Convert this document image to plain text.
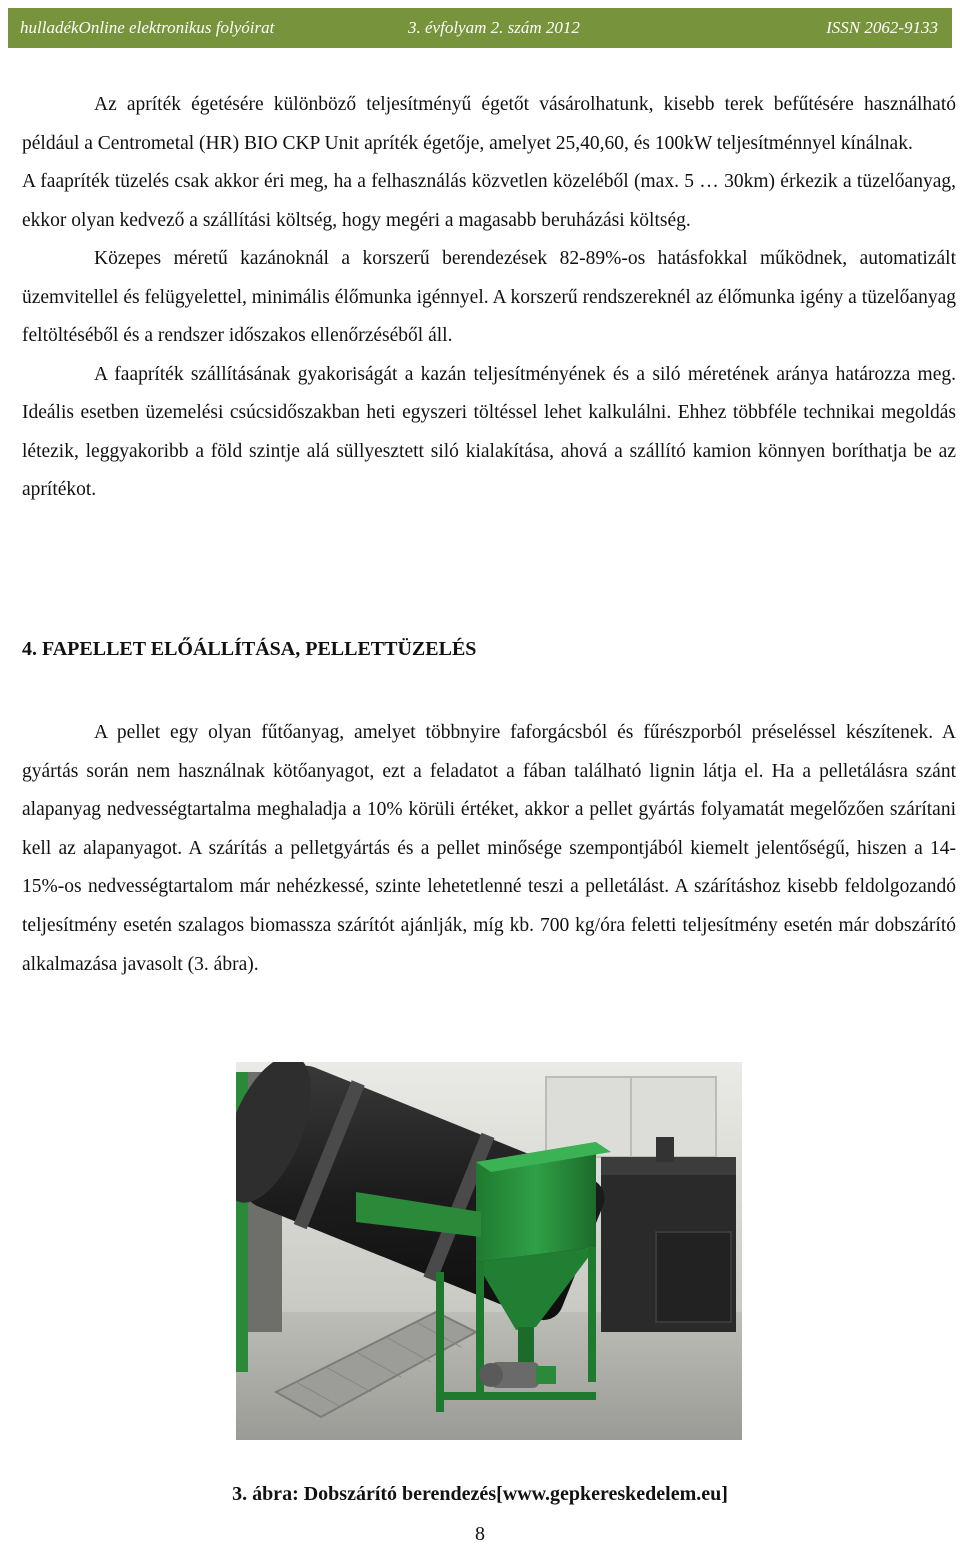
hulladékOnline elektronikus folyóirat	3. évfolyam 2. szám 2012	ISSN 2062-9133

Az apríték égetésére különböző teljesítményű égetőt vásárolhatunk, kisebb terek befűtésére használható például a Centrometal (HR) BIO CKP Unit apríték égetője, amelyet 25,40,60, és 100kW teljesítménnyel kínálnak.

A faapríték tüzelés csak akkor éri meg, ha a felhasználás közvetlen közeléből (max. 5 … 30km) érkezik a tüzelőanyag, ekkor olyan kedvező a szállítási költség, hogy megéri a magasabb beruházási költség.

Közepes méretű kazánoknál a korszerű berendezések 82-89%-os hatásfokkal működnek, automatizált üzemvitellel és felügyelettel, minimális élőmunka igénnyel. A korszerű rendszereknél az élőmunka igény a tüzelőanyag feltöltéséből és a rendszer időszakos ellenőrzéséből áll.

A faapríték szállításának gyakoriságát a kazán teljesítményének és a siló méretének aránya határozza meg. Ideális esetben üzemelési csúcsidőszakban heti egyszeri töltéssel lehet kalkulálni. Ehhez többféle technikai megoldás létezik, leggyakoribb a föld szintje alá süllyesztett siló kialakítása, ahová a szállító kamion könnyen boríthatja be az aprítékot.

4. FAPELLET ELŐÁLLÍTÁSA, PELLETTÜZELÉS

A pellet egy olyan fűtőanyag, amelyet többnyire faforgácsból és fűrészporból préseléssel készítenek. A gyártás során nem használnak kötőanyagot, ezt a feladatot a fában található lignin látja el. Ha a pelletálásra szánt alapanyag nedvességtartalma meghaladja a 10% körüli értéket, akkor a pellet gyártás folyamatát megelőzően szárítani kell az alapanyagot. A szárítás a pelletgyártás és a pellet minősége szempontjából kiemelt jelentőségű, hiszen a 14-15%-os nedvességtartalom már nehézkessé, szinte lehetetlenné teszi a pelletálást. A szárításhoz kisebb feldolgozandó teljesítmény esetén szalagos biomassza szárítót ajánlják, míg kb. 700 kg/óra feletti teljesítmény esetén már dobszárító alkalmazása javasolt (3. ábra).

3. ábra: Dobszárító berendezés[www.gepkereskedelem.eu]
8
